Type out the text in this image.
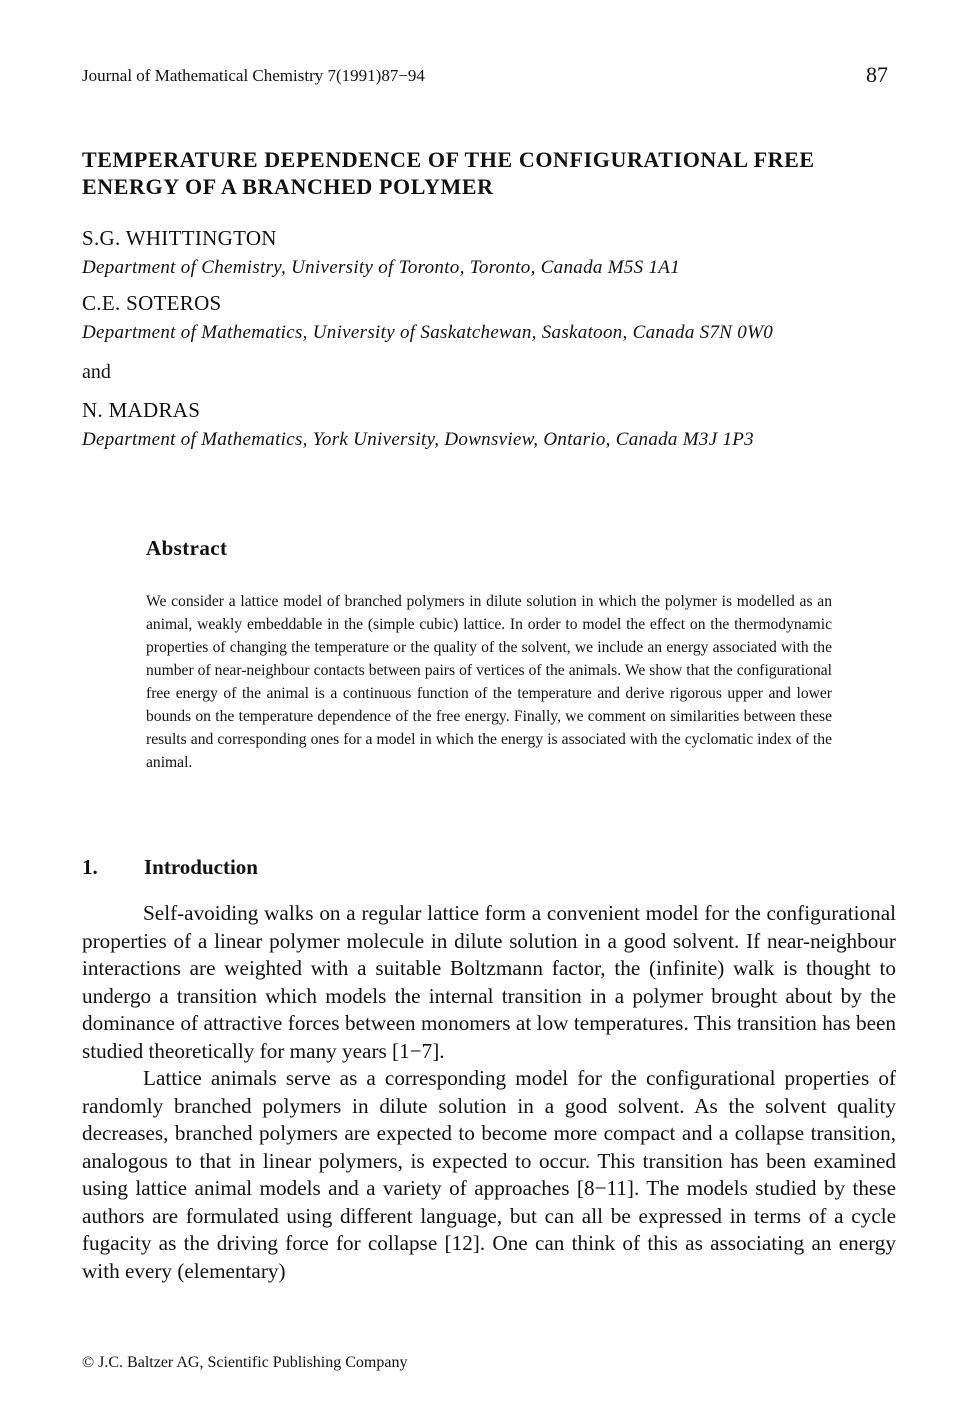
Journal of Mathematical Chemistry 7(1991)87−94	87
TEMPERATURE DEPENDENCE OF THE CONFIGURATIONAL FREE ENERGY OF A BRANCHED POLYMER
S.G. WHITTINGTON
Department of Chemistry, University of Toronto, Toronto, Canada M5S 1A1
C.E. SOTEROS
Department of Mathematics, University of Saskatchewan, Saskatoon, Canada S7N 0W0
and
N. MADRAS
Department of Mathematics, York University, Downsview, Ontario, Canada M3J 1P3
Abstract

We consider a lattice model of branched polymers in dilute solution in which the polymer is modelled as an animal, weakly embeddable in the (simple cubic) lattice. In order to model the effect on the thermodynamic properties of changing the temperature or the quality of the solvent, we include an energy associated with the number of near-neighbour contacts between pairs of vertices of the animals. We show that the configurational free energy of the animal is a continuous function of the temperature and derive rigorous upper and lower bounds on the temperature dependence of the free energy. Finally, we comment on similarities between these results and corresponding ones for a model in which the energy is associated with the cyclomatic index of the animal.

1. Introduction

Self-avoiding walks on a regular lattice form a convenient model for the configurational properties of a linear polymer molecule in dilute solution in a good solvent. If near-neighbour interactions are weighted with a suitable Boltzmann factor, the (infinite) walk is thought to undergo a transition which models the internal transition in a polymer brought about by the dominance of attractive forces between monomers at low temperatures. This transition has been studied theoretically for many years [1−7].

Lattice animals serve as a corresponding model for the configurational properties of randomly branched polymers in dilute solution in a good solvent. As the solvent quality decreases, branched polymers are expected to become more compact and a collapse transition, analogous to that in linear polymers, is expected to occur. This transition has been examined using lattice animal models and a variety of approaches [8−11]. The models studied by these authors are formulated using different language, but can all be expressed in terms of a cycle fugacity as the driving force for collapse [12]. One can think of this as associating an energy with every (elementary)

© J.C. Baltzer AG, Scientific Publishing Company
